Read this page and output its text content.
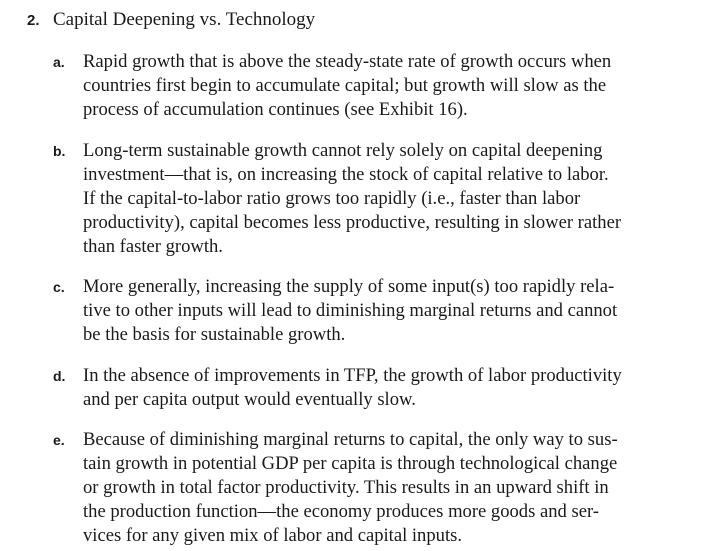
2. Capital Deepening vs. Technology
a. Rapid growth that is above the steady-state rate of growth occurs when
countries first begin to accumulate capital; but growth will slow as the
process of accumulation continues (see Exhibit 16).
b. Long-term sustainable growth cannot rely solely on capital deepening
investment—that is, on increasing the stock of capital relative to labor.
If the capital-to-labor ratio grows too rapidly (i.e., faster than labor
productivity), capital becomes less productive, resulting in slower rather
than faster growth.
c. More generally, increasing the supply of some input(s) too rapidly rela-
tive to other inputs will lead to diminishing marginal returns and cannot
be the basis for sustainable growth.
d. In the absence of improvements in TFP, the growth of labor productivity
and per capita output would eventually slow.
e. Because of diminishing marginal returns to capital, the only way to sus-
tain growth in potential GDP per capita is through technological change
or growth in total factor productivity. This results in an upward shift in
the production function—the economy produces more goods and ser-
vices for any given mix of labor and capital inputs.
